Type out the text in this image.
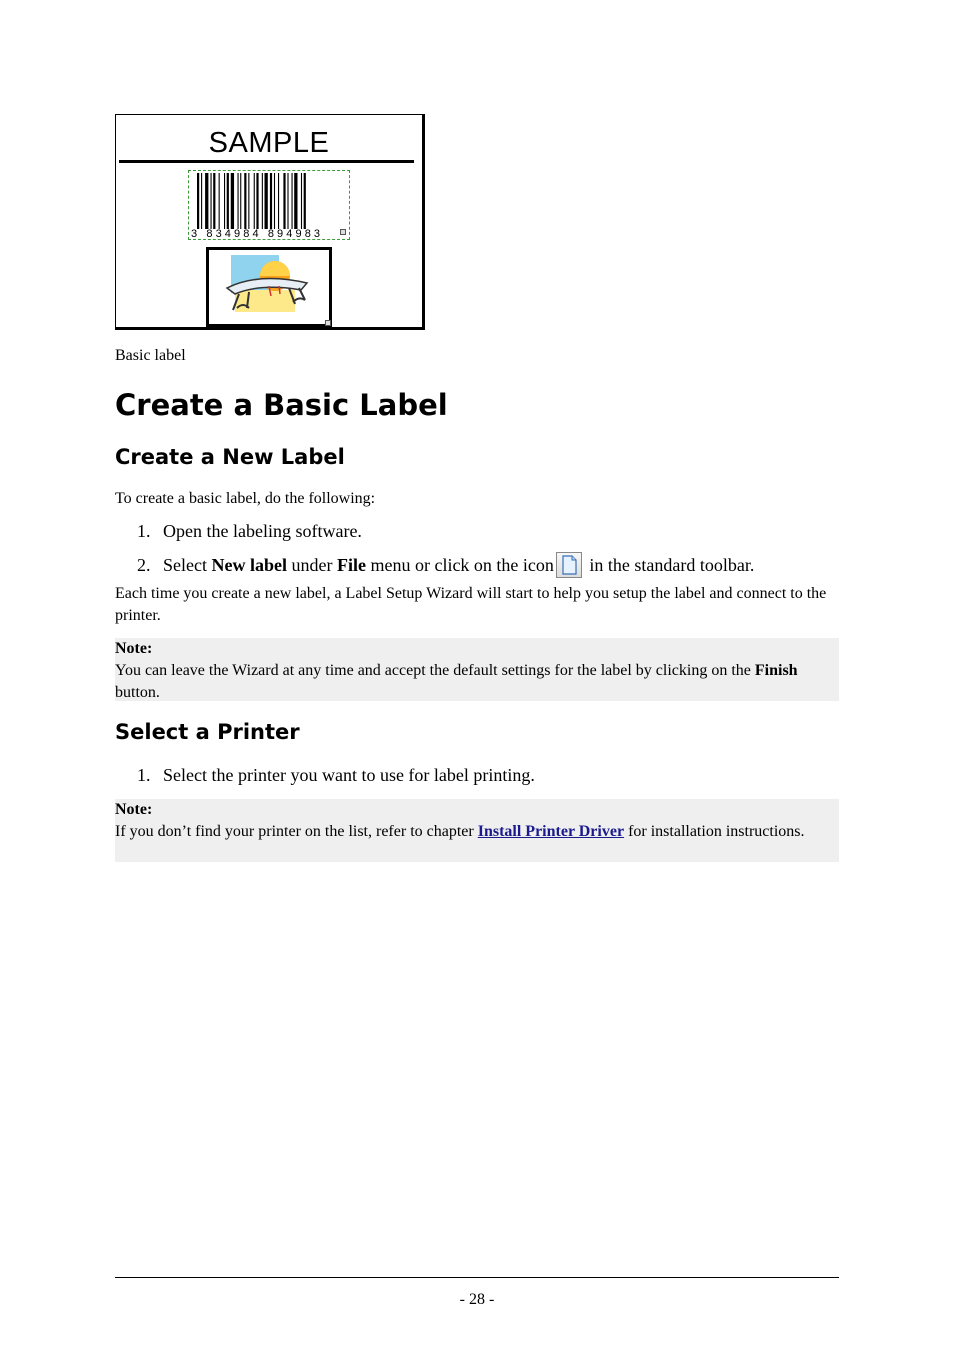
SAMPLE
3 834984 894983
Basic label
Create a Basic Label
Create a New Label
To create a basic label, do the following:
1. Open the labeling software.
2. Select New label under File menu or click on the icon in the standard toolbar.
Each time you create a new label, a Label Setup Wizard will start to help you setup the label and connect to the printer.
Note:
You can leave the Wizard at any time and accept the default settings for the label by clicking on the Finish button.
Select a Printer
1. Select the printer you want to use for label printing.
Note:
If you don’t find your printer on the list, refer to chapter Install Printer Driver for installation instructions.
- 28 -
